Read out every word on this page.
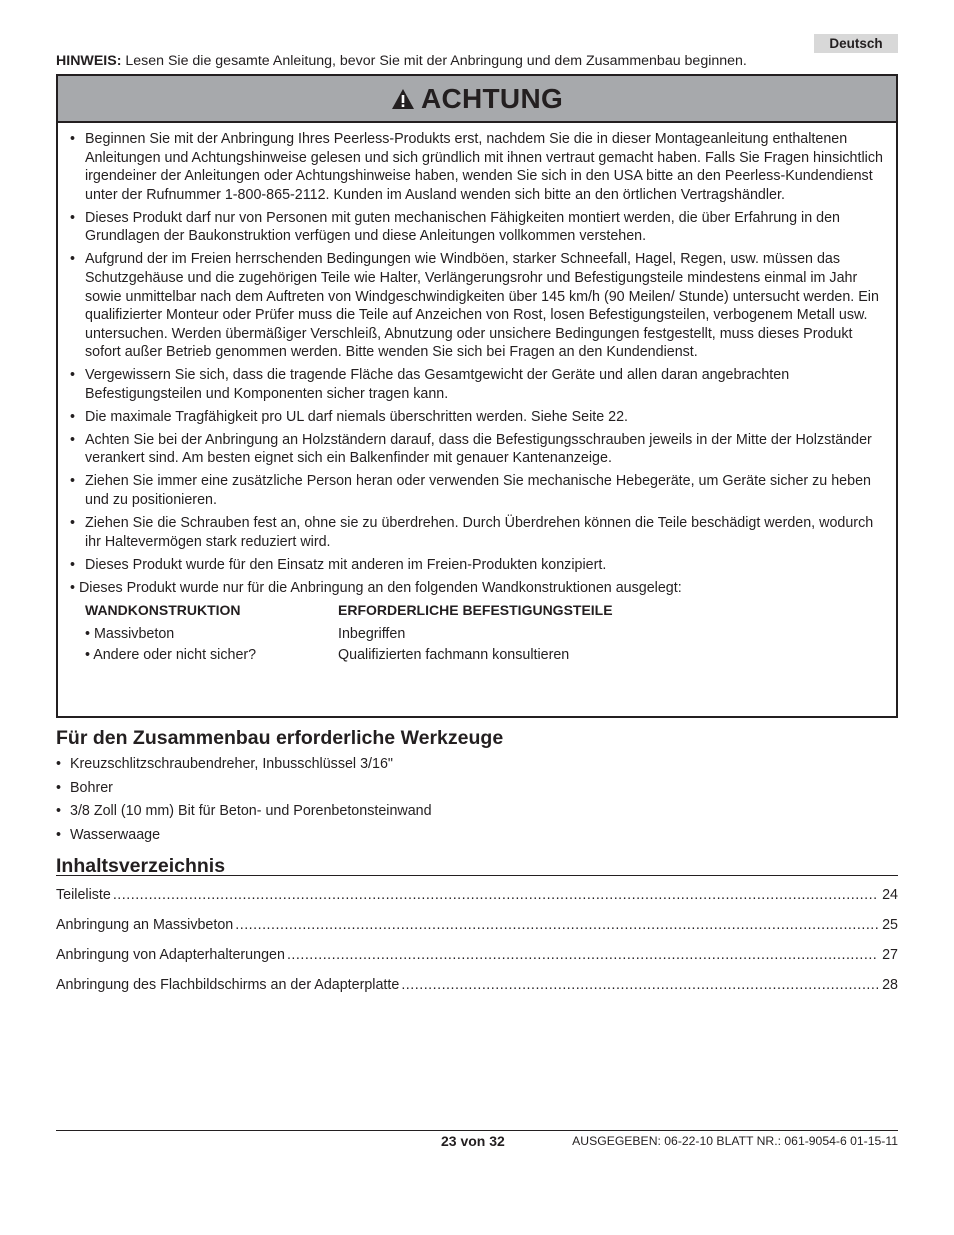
Deutsch
HINWEIS: Lesen Sie die gesamte Anleitung, bevor Sie mit der Anbringung und dem Zusammenbau beginnen.
ACHTUNG
• Beginnen Sie mit der Anbringung Ihres Peerless-Produkts erst, nachdem Sie die in dieser Montageanleitung enthaltenen Anleitungen und Achtungshinweise gelesen und sich gründlich mit ihnen vertraut gemacht haben. Falls Sie Fragen hinsichtlich irgendeiner der Anleitungen oder Achtungshinweise haben, wenden Sie sich in den USA bitte an den Peerless-Kundendienst unter der Rufnummer 1-800-865-2112. Kunden im Ausland wenden sich bitte an den örtlichen Vertragshändler.
• Dieses Produkt darf nur von Personen mit guten mechanischen Fähigkeiten montiert werden, die über Erfahrung in den Grundlagen der Baukonstruktion verfügen und diese Anleitungen vollkommen verstehen.
• Aufgrund der im Freien herrschenden Bedingungen wie Windböen, starker Schneefall, Hagel, Regen, usw. müssen das Schutzgehäuse und die zugehörigen Teile wie Halter, Verlängerungsrohr und Befestigungsteile mindestens einmal im Jahr sowie unmittelbar nach dem Auftreten von Windgeschwindigkeiten über 145 km/h (90 Meilen/ Stunde) untersucht werden. Ein qualifizierter Monteur oder Prüfer muss die Teile auf Anzeichen von Rost, losen Befestigungsteilen, verbogenem Metall usw. untersuchen. Werden übermäßiger Verschleiß, Abnutzung oder unsichere Bedingungen festgestellt, muss dieses Produkt sofort außer Betrieb genommen werden. Bitte wenden Sie sich bei Fragen an den Kundendienst.
• Vergewissern Sie sich, dass die tragende Fläche das Gesamtgewicht der Geräte und allen daran angebrachten Befestigungsteilen und Komponenten sicher tragen kann.
• Die maximale Tragfähigkeit pro UL darf niemals überschritten werden. Siehe Seite 22.
• Achten Sie bei der Anbringung an Holzständern darauf, dass die Befestigungsschrauben jeweils in der Mitte der Holzständer verankert sind. Am besten eignet sich ein Balkenfinder mit genauer Kantenanzeige.
• Ziehen Sie immer eine zusätzliche Person heran oder verwenden Sie mechanische Hebegeräte, um Geräte sicher zu heben und zu positionieren.
• Ziehen Sie die Schrauben fest an, ohne sie zu überdrehen. Durch Überdrehen können die Teile beschädigt werden, wodurch ihr Haltevermögen stark reduziert wird.
• Dieses Produkt wurde für den Einsatz mit anderen im Freien-Produkten konzipiert.
• Dieses Produkt wurde nur für die Anbringung an den folgenden Wandkonstruktionen ausgelegt:
WANDKONSTRUKTION	ERFORDERLICHE BEFESTIGUNGSTEILE
• Massivbeton	Inbegriffen
• Andere oder nicht sicher?	Qualifizierten fachmann konsultieren
Für den Zusammenbau erforderliche Werkzeuge
• Kreuzschlitzschraubendreher, Inbusschlüssel 3/16"
• Bohrer
• 3/8 Zoll (10 mm) Bit für Beton- und Porenbetonsteinwand
• Wasserwaage
Inhaltsverzeichnis
Teileliste .....	24
Anbringung an Massivbeton .....	25
Anbringung von Adapterhalterungen .....	27
Anbringung des Flachbildschirms an der Adapterplatte .....	28
23 von 32	AUSGEGEBEN: 06-22-10 BLATT NR.: 061-9054-6 01-15-11
